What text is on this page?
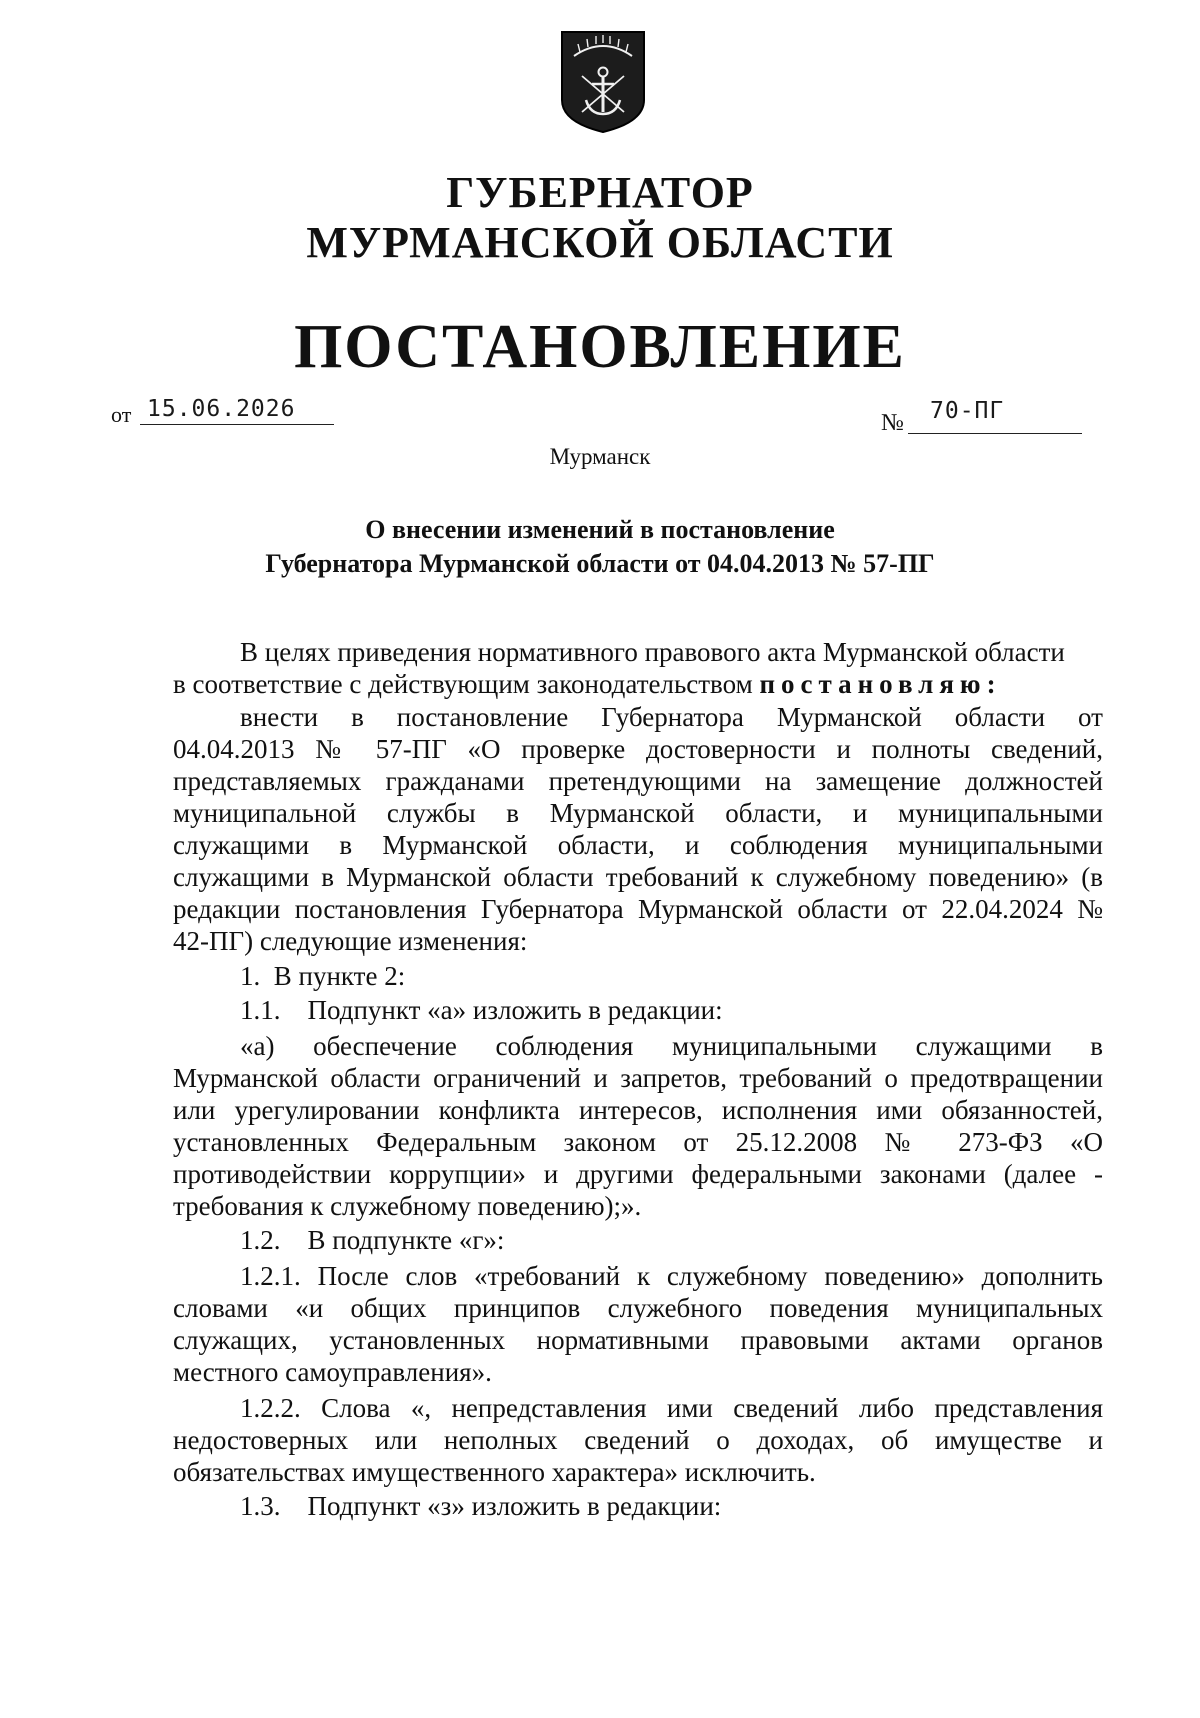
ГУБЕРНАТОР
МУРМАНСКОЙ ОБЛАСТИ
ПОСТАНОВЛЕНИЕ
от 15.06.2026
№ 70-ПГ
Мурманск
О внесении изменений в постановление
Губернатора Мурманской области от 04.04.2013 № 57-ПГ
В целях приведения нормативного правового акта Мурманской области
в соответствие с действующим законодательством постановляю:
внести в постановление Губернатора Мурманской области от
04.04.2013 № 57-ПГ «О проверке достоверности и полноты сведений,
представляемых гражданами претендующими на замещение должностей
муниципальной службы в Мурманской области, и муниципальными
служащими в Мурманской области, и соблюдения муниципальными
служащими в Мурманской области требований к служебному поведению» (в
редакции постановления Губернатора Мурманской области от 22.04.2024 №
42-ПГ) следующие изменения:
1.  В пункте 2:
1.1.    Подпункт «а» изложить в редакции:
«а) обеспечение соблюдения муниципальными служащими в
Мурманской области ограничений и запретов, требований о предотвращении
или урегулировании конфликта интересов, исполнения ими обязанностей,
установленных Федеральным законом от 25.12.2008 № 273-ФЗ «О
противодействии коррупции» и другими федеральными законами (далее -
требования к служебному поведению);».
1.2.    В подпункте «г»:
1.2.1. После слов «требований к служебному поведению» дополнить
словами «и общих принципов служебного поведения муниципальных
служащих, установленных нормативными правовыми актами органов
местного самоуправления».
1.2.2. Слова «, непредставления ими сведений либо представления
недостоверных или неполных сведений о доходах, об имуществе и
обязательствах имущественного характера» исключить.
1.3.    Подпункт «з» изложить в редакции:
